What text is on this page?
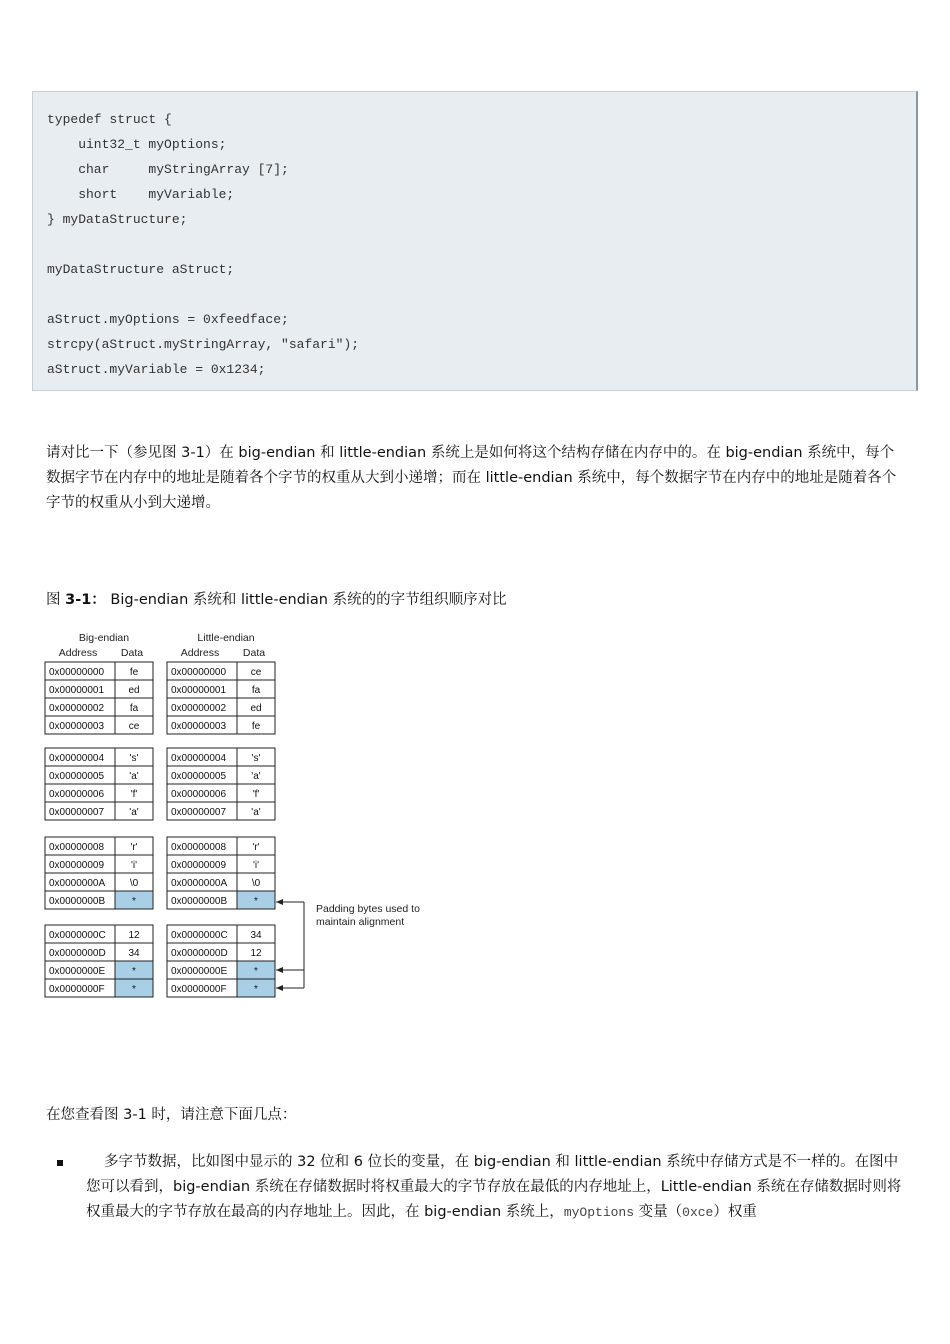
typedef struct {
uint32_t myOptions;
char     myStringArray [7];
short    myVariable;
} myDataStructure;
myDataStructure aStruct;
aStruct.myOptions = 0xfeedface;
strcpy(aStruct.myStringArray, "safari");
aStruct.myVariable = 0x1234;
请对比一下（参见图 3-1）在 big-endian 和 little-endian 系统上是如何将这个结构存储在内存中的。在 big-endian 系统中，每个数据字节在内存中的地址是随着各个字节的权重从大到小递增；而在 little-endian 系统中，每个数据字节在内存中的地址是随着各个字节的权重从小到大递增。
图 3-1： Big-endian 系统和 little-endian 系统的的字节组织顺序对比
Big-endian	Little-endian
Address Data	Address Data
0x00000000	fe
0x00000001 ed
0x00000002	fa
0x00000003 ce
0x00000004	's'
0x00000005	'a'
0x00000006	'f'
0x00000007	'a'
0x00000008	'r'
0x00000009	'i'
0x0000000A \0
0x0000000B	*
0x0000000C 12
0x0000000D 34
0x0000000E	*
0x0000000F	*
0x00000000 ce
0x00000001	fa
0x00000002 ed
0x00000003	fe
0x00000004	's'
0x00000005	'a'
0x00000006	'f'
0x00000007	'a'
0x00000008	'r'
0x00000009	'i'
0x0000000A \0
0x0000000B	*
0x0000000C 34
0x0000000D 12
0x0000000E	*
0x0000000F	*
Padding bytes used to
maintain alignment
在您查看图 3-1 时，请注意下面几点：
多字节数据，比如图中显示的 32 位和 6 位长的变量，在 big-endian 和 little-endian 系统中存储方式是不一样的。在图中您可以看到，big-endian 系统在存储数据时将权重最大的字节存放在最低的内存地址上，Little-endian 系统在存储数据时则将权重最大的字节存放在最高的内存地址上。因此，在 big-endian 系统上，myOptions 变量（0xce）权重
